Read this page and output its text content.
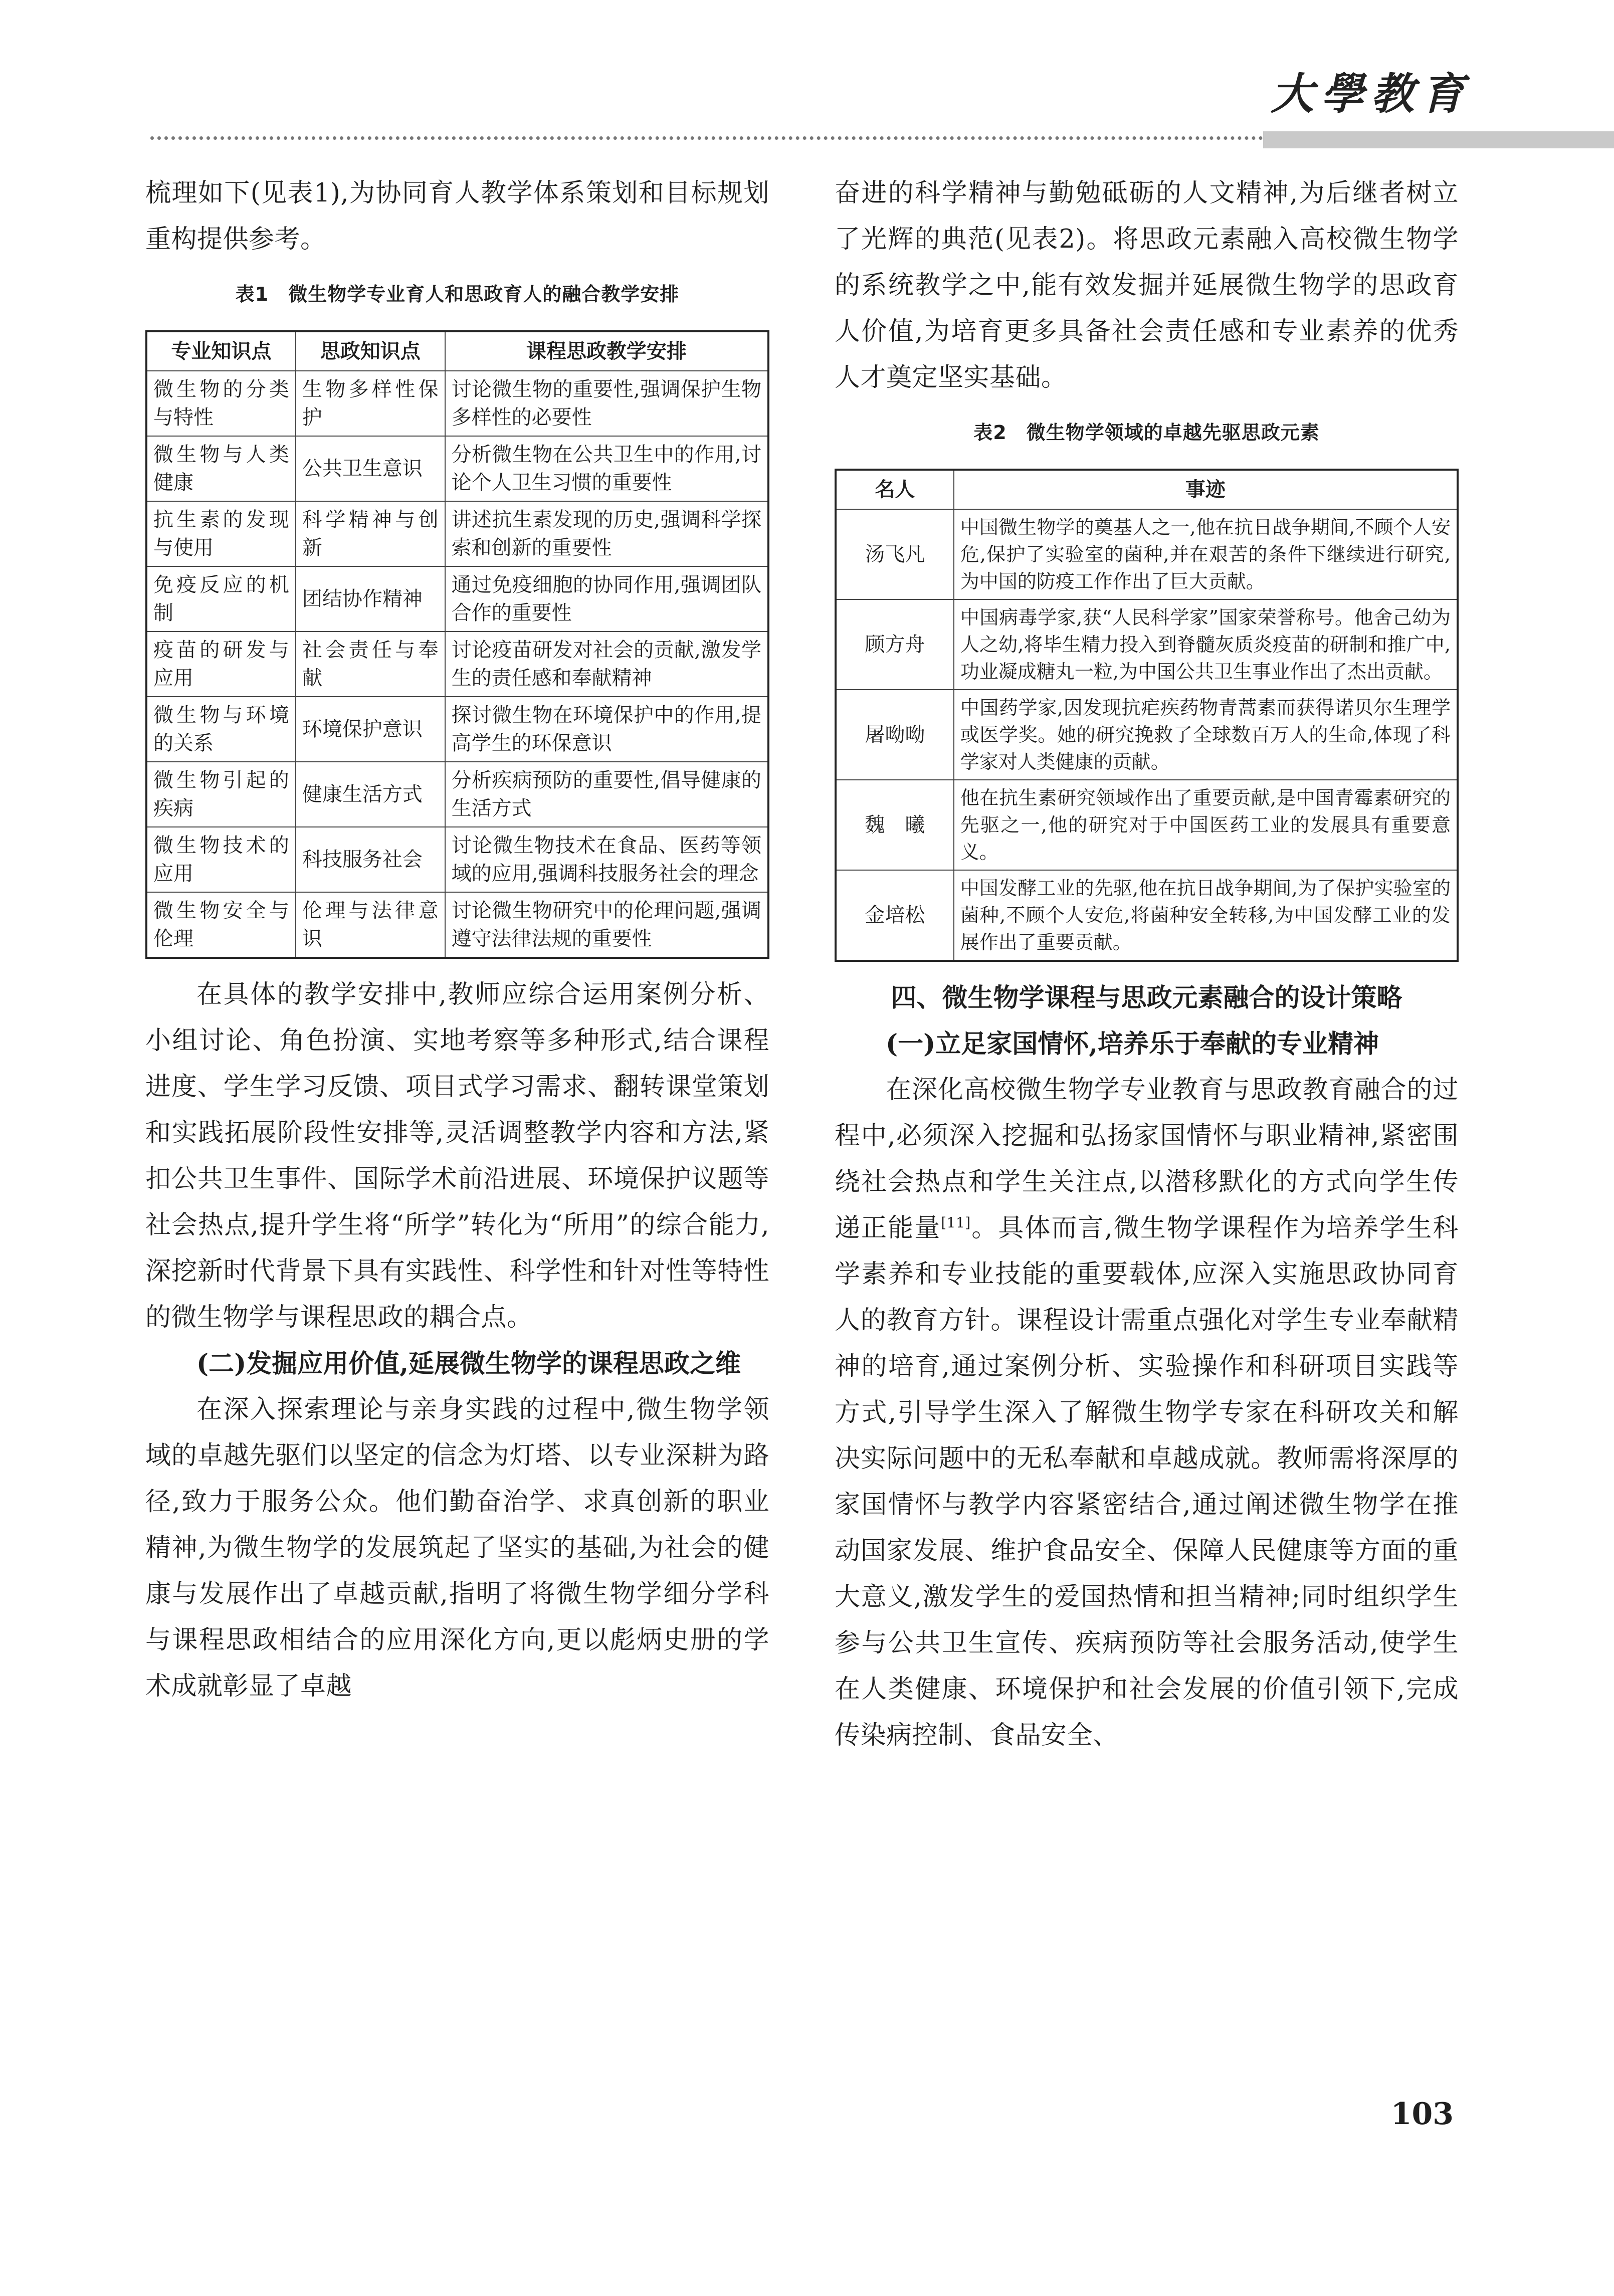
大學教育

梳理如下(见表1),为协同育人教学体系策划和目标规划重构提供参考。

表1　微生物学专业育人和思政育人的融合教学安排
专业知识点	思政知识点	课程思政教学安排
微生物的分类与特性	生物多样性保护	讨论微生物的重要性,强调保护生物多样性的必要性
微生物与人类健康	公共卫生意识	分析微生物在公共卫生中的作用,讨论个人卫生习惯的重要性
抗生素的发现与使用	科学精神与创新	讲述抗生素发现的历史,强调科学探索和创新的重要性
免疫反应的机制	团结协作精神	通过免疫细胞的协同作用,强调团队合作的重要性
疫苗的研发与应用	社会责任与奉献	讨论疫苗研发对社会的贡献,激发学生的责任感和奉献精神
微生物与环境的关系	环境保护意识	探讨微生物在环境保护中的作用,提高学生的环保意识
微生物引起的疾病	健康生活方式	分析疾病预防的重要性,倡导健康的生活方式
微生物技术的应用	科技服务社会	讨论微生物技术在食品、医药等领域的应用,强调科技服务社会的理念
微生物安全与伦理	伦理与法律意识	讨论微生物研究中的伦理问题,强调遵守法律法规的重要性

在具体的教学安排中,教师应综合运用案例分析、小组讨论、角色扮演、实地考察等多种形式,结合课程进度、学生学习反馈、项目式学习需求、翻转课堂策划和实践拓展阶段性安排等,灵活调整教学内容和方法,紧扣公共卫生事件、国际学术前沿进展、环境保护议题等社会热点,提升学生将“所学”转化为“所用”的综合能力,深挖新时代背景下具有实践性、科学性和针对性等特性的微生物学与课程思政的耦合点。

(二)发掘应用价值,延展微生物学的课程思政之维

在深入探索理论与亲身实践的过程中,微生物学领域的卓越先驱们以坚定的信念为灯塔、以专业深耕为路径,致力于服务公众。他们勤奋治学、求真创新的职业精神,为微生物学的发展筑起了坚实的基础,为社会的健康与发展作出了卓越贡献,指明了将微生物学细分学科与课程思政相结合的应用深化方向,更以彪炳史册的学术成就彰显了卓越

奋进的科学精神与勤勉砥砺的人文精神,为后继者树立了光辉的典范(见表2)。将思政元素融入高校微生物学的系统教学之中,能有效发掘并延展微生物学的思政育人价值,为培育更多具备社会责任感和专业素养的优秀人才奠定坚实基础。

表2　微生物学领域的卓越先驱思政元素
名人	事迹
汤飞凡	中国微生物学的奠基人之一,他在抗日战争期间,不顾个人安危,保护了实验室的菌种,并在艰苦的条件下继续进行研究,为中国的防疫工作作出了巨大贡献。
顾方舟	中国病毒学家,获“人民科学家”国家荣誉称号。他舍己幼为人之幼,将毕生精力投入到脊髓灰质炎疫苗的研制和推广中,功业凝成糖丸一粒,为中国公共卫生事业作出了杰出贡献。
屠呦呦	中国药学家,因发现抗疟疾药物青蒿素而获得诺贝尔生理学或医学奖。她的研究挽救了全球数百万人的生命,体现了科学家对人类健康的贡献。
魏　曦	他在抗生素研究领域作出了重要贡献,是中国青霉素研究的先驱之一,他的研究对于中国医药工业的发展具有重要意义。
金培松	中国发酵工业的先驱,他在抗日战争期间,为了保护实验室的菌种,不顾个人安危,将菌种安全转移,为中国发酵工业的发展作出了重要贡献。

四、微生物学课程与思政元素融合的设计策略

(一)立足家国情怀,培养乐于奉献的专业精神

在深化高校微生物学专业教育与思政教育融合的过程中,必须深入挖掘和弘扬家国情怀与职业精神,紧密围绕社会热点和学生关注点,以潜移默化的方式向学生传递正能量[11]。具体而言,微生物学课程作为培养学生科学素养和专业技能的重要载体,应深入实施思政协同育人的教育方针。课程设计需重点强化对学生专业奉献精神的培育,通过案例分析、实验操作和科研项目实践等方式,引导学生深入了解微生物学专家在科研攻关和解决实际问题中的无私奉献和卓越成就。教师需将深厚的家国情怀与教学内容紧密结合,通过阐述微生物学在推动国家发展、维护食品安全、保障人民健康等方面的重大意义,激发学生的爱国热情和担当精神;同时组织学生参与公共卫生宣传、疾病预防等社会服务活动,使学生在人类健康、环境保护和社会发展的价值引领下,完成传染病控制、食品安全、

103
